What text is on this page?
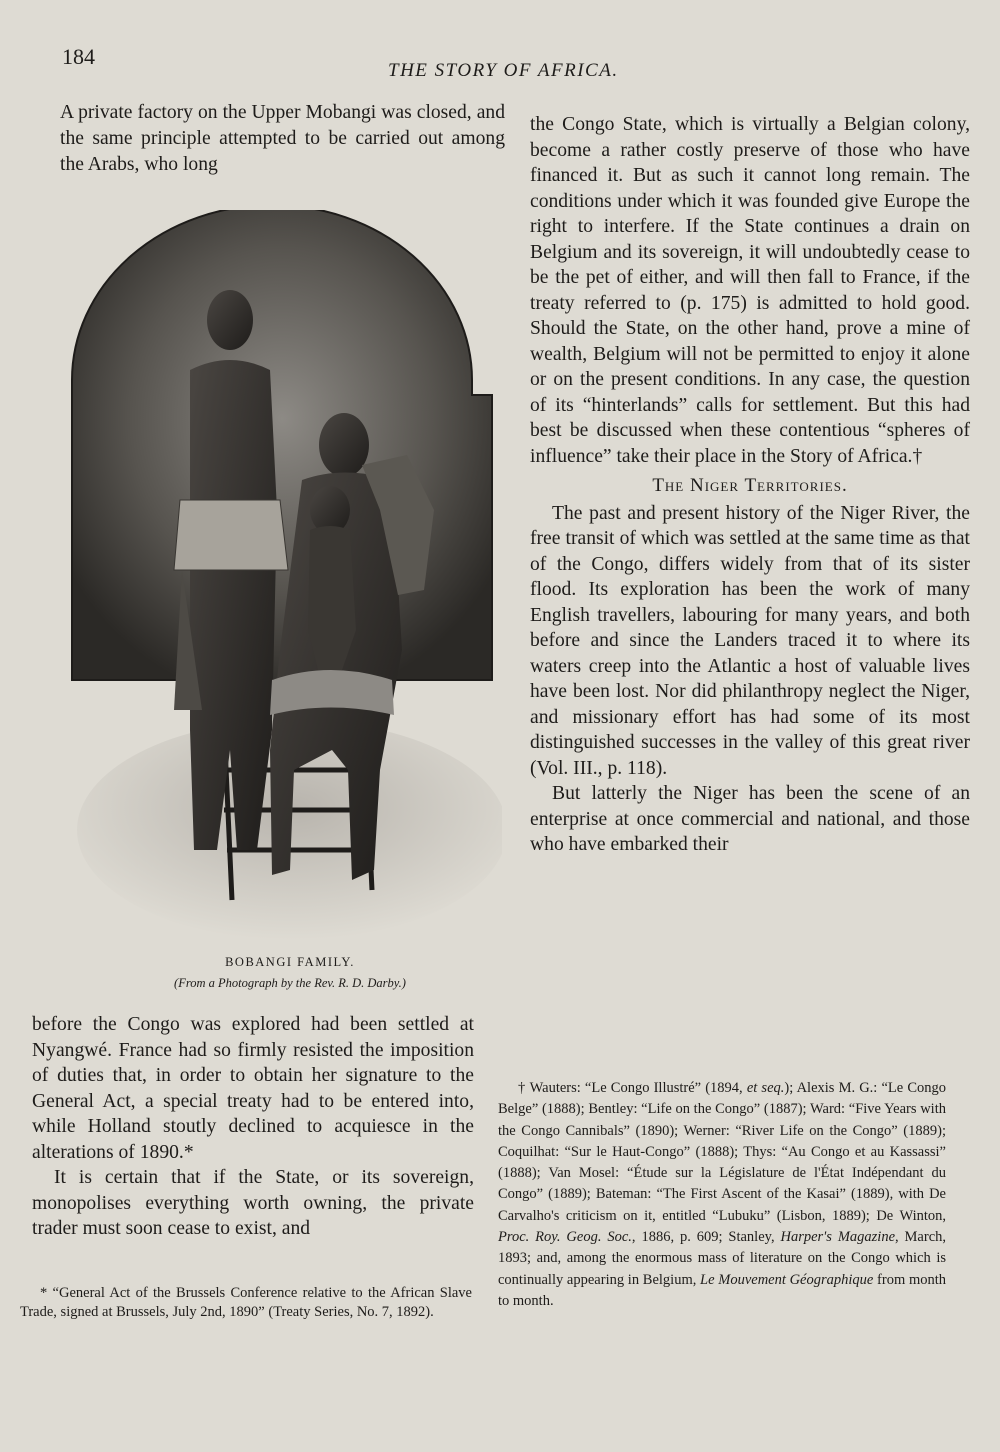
184
THE STORY OF AFRICA.

A private factory on the Upper Mobangi was closed, and the same principle attempted to be carried out among the Arabs, who long

BOBANGI FAMILY.
(From a Photograph by the Rev. R. D. Darby.)

before the Congo was explored had been settled at Nyangwé. France had so firmly resisted the imposition of duties that, in order to obtain her signature to the General Act, a special treaty had to be entered into, while Holland stoutly declined to acquiesce in the alterations of 1890.*

It is certain that if the State, or its sovereign, monopolises everything worth owning, the private trader must soon cease to exist, and

* “General Act of the Brussels Conference relative to the African Slave Trade, signed at Brussels, July 2nd, 1890” (Treaty Series, No. 7, 1892).

the Congo State, which is virtually a Belgian colony, become a rather costly preserve of those who have financed it. But as such it cannot long remain. The conditions under which it was founded give Europe the right to interfere. If the State continues a drain on Belgium and its sovereign, it will undoubtedly cease to be the pet of either, and will then fall to France, if the treaty referred to (p. 175) is admitted to hold good. Should the State, on the other hand, prove a mine of wealth, Belgium will not be permitted to enjoy it alone or on the present conditions. In any case, the question of its “hinterlands” calls for settlement. But this had best be discussed when these contentious “spheres of influence” take their place in the Story of Africa.†

The Niger Territories.

The past and present history of the Niger River, the free transit of which was settled at the same time as that of the Congo, differs widely from that of its sister flood. Its exploration has been the work of many English travellers, labouring for many years, and both before and since the Landers traced it to where its waters creep into the Atlantic a host of valuable lives have been lost. Nor did philanthropy neglect the Niger, and missionary effort has had some of its most distinguished successes in the valley of this great river (Vol. III., p. 118).

But latterly the Niger has been the scene of an enterprise at once commercial and national, and those who have embarked their

† Wauters: “Le Congo Illustré” (1894, et seq.); Alexis M. G.: “Le Congo Belge” (1888); Bentley: “Life on the Congo” (1887); Ward: “Five Years with the Congo Cannibals” (1890); Werner: “River Life on the Congo” (1889); Coquilhat: “Sur le Haut-Congo” (1888); Thys: “Au Congo et au Kassassi” (1888); Van Mosel: “Étude sur la Législature de l'État Indépendant du Congo” (1889); Bateman: “The First Ascent of the Kasai” (1889), with De Carvalho's criticism on it, entitled “Lubuku” (Lisbon, 1889); De Winton, Proc. Roy. Geog. Soc., 1886, p. 609; Stanley, Harper's Magazine, March, 1893; and, among the enormous mass of literature on the Congo which is continually appearing in Belgium, Le Mouvement Géographique from month to month.
